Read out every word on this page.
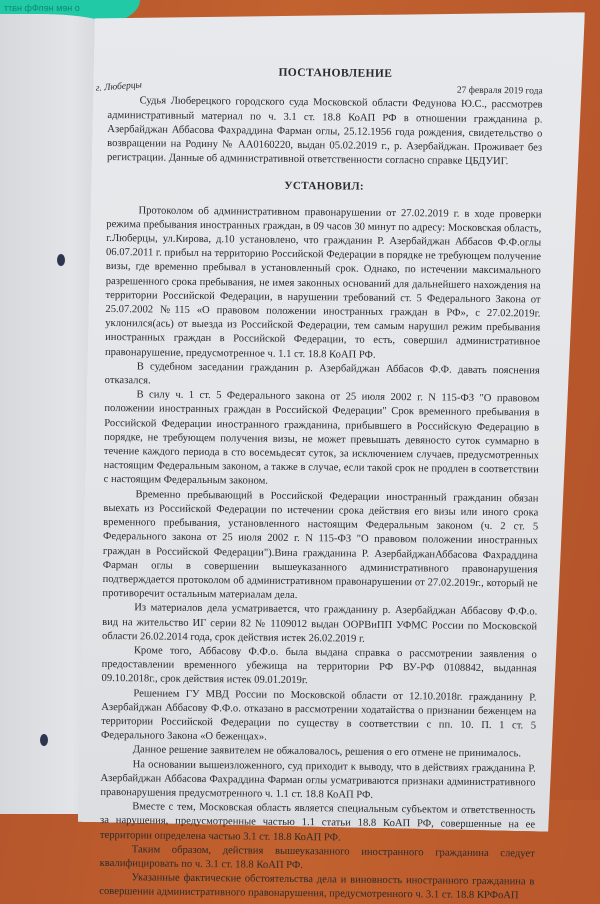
о нем непФф натт
ПОСТАНОВЛЕНИЕ
г. Люберцы	27 февраля 2019 года

Судья Люберецкого городского суда Московской области Федунова Ю.С., рассмотрев административный материал по ч. 3.1 ст. 18.8 КоАП РФ в отношении гражданина р. Азербайджан Аббасова Фахраддина Фарман оглы, 25.12.1956 года рождения, свидетельство о возвращении на Родину № АА0160220, выдан 05.02.2019 г., р. Азербайджан. Проживает без регистрации. Данные об административной ответственности согласно справке ЦБДУИГ.

УСТАНОВИЛ:

Протоколом об административном правонарушении от 27.02.2019 г. в ходе проверки режима пребывания иностранных граждан, в 09 часов 30 минут по адресу: Московская область, г.Люберцы, ул.Кирова, д.10 установлено, что гражданин Р. Азербайджан Аббасов Ф.Ф.оглы 06.07.2011 г. прибыл на территорию Российской Федерации в порядке не требующем получение визы, где временно пребывал в установленный срок. Однако, по истечении максимального разрешенного срока пребывания, не имея законных оснований для дальнейшего нахождения на территории Российской Федерации, в нарушении требований ст. 5 Федерального Закона от 25.07.2002 №115 «О правовом положении иностранных граждан в РФ», с 27.02.2019г. уклонился(ась) от выезда из Российской Федерации, тем самым нарушил режим пребывания иностранных граждан в Российской Федерации, то есть, совершил административное правонарушение, предусмотренное ч. 1.1 ст. 18.8 КоАП РФ.

В судебном заседании гражданин р. Азербайджан Аббасов Ф.Ф. давать пояснения отказался.

В силу ч. 1 ст. 5 Федерального закона от 25 июля 2002 г. N 115-ФЗ "О правовом положении иностранных граждан в Российской Федерации" Срок временного пребывания в Российской Федерации иностранного гражданина, прибывшего в Российскую Федерацию в порядке, не требующем получения визы, не может превышать девяносто суток суммарно в течение каждого периода в сто восемьдесят суток, за исключением случаев, предусмотренных настоящим Федеральным законом, а также в случае, если такой срок не продлен в соответствии с настоящим Федеральным законом.

Временно пребывающий в Российской Федерации иностранный гражданин обязан выехать из Российской Федерации по истечении срока действия его визы или иного срока временного пребывания, установленного настоящим Федеральным законом (ч. 2 ст. 5 Федерального закона от 25 июля 2002 г. N 115-ФЗ "О правовом положении иностранных граждан в Российской Федерации").Вина гражданина Р. АзербайджанАббасова Фахраддина Фарман оглы в совершении вышеуказанного административного правонарушения подтверждается протоколом об административном правонарушении от 27.02.2019г., который не противоречит остальным материалам дела.

Из материалов дела усматривается, что гражданину р. Азербайджан Аббасову Ф.Ф.о. вид на жительство ИГ серии 82 № 1109012 выдан ООРВиПП УФМС России по Московской области 26.02.2014 года, срок действия истек 26.02.2019 г.

Кроме того, Аббасову Ф.Ф.о. была выдана справка о рассмотрении заявления о предоставлении временного убежища на территории РФ ВУ-РФ 0108842, выданная 09.10.2018г., срок действия истек 09.01.2019г.

Решением ГУ МВД России по Московской области от 12.10.2018г. гражданину Р. Азербайджан Аббасову Ф.Ф.о. отказано в рассмотрении ходатайства о признании беженцем на территории Российской Федерации по существу в соответствии с пп. 10. П. 1 ст. 5 Федерального Закона «О беженцах».

Данное решение заявителем не обжаловалось, решения о его отмене не принималось.

На основании вышеизложенного, суд приходит к выводу, что в действиях гражданина Р. Азербайджан Аббасова Фахраддина Фарман оглы усматриваются признаки административного правонарушения предусмотренного ч. 1.1 ст. 18.8 КоАП РФ.

Вместе с тем, Московская область является специальным субъектом и ответственность за нарушения, предусмотренные частью 1.1 статьи 18.8 КоАП РФ, совершенные на ее территории определена частью 3.1 ст. 18.8 КоАП РФ.

Таким образом, действия вышеуказанного иностранного гражданина следует квалифицировать по ч. 3.1 ст. 18.8 КоАП РФ.

Указанные фактические обстоятельства дела и виновность иностранного гражданина в совершении административного правонарушения, предусмотренного ч. 3.1 ст. 18.8 КРФоАП
